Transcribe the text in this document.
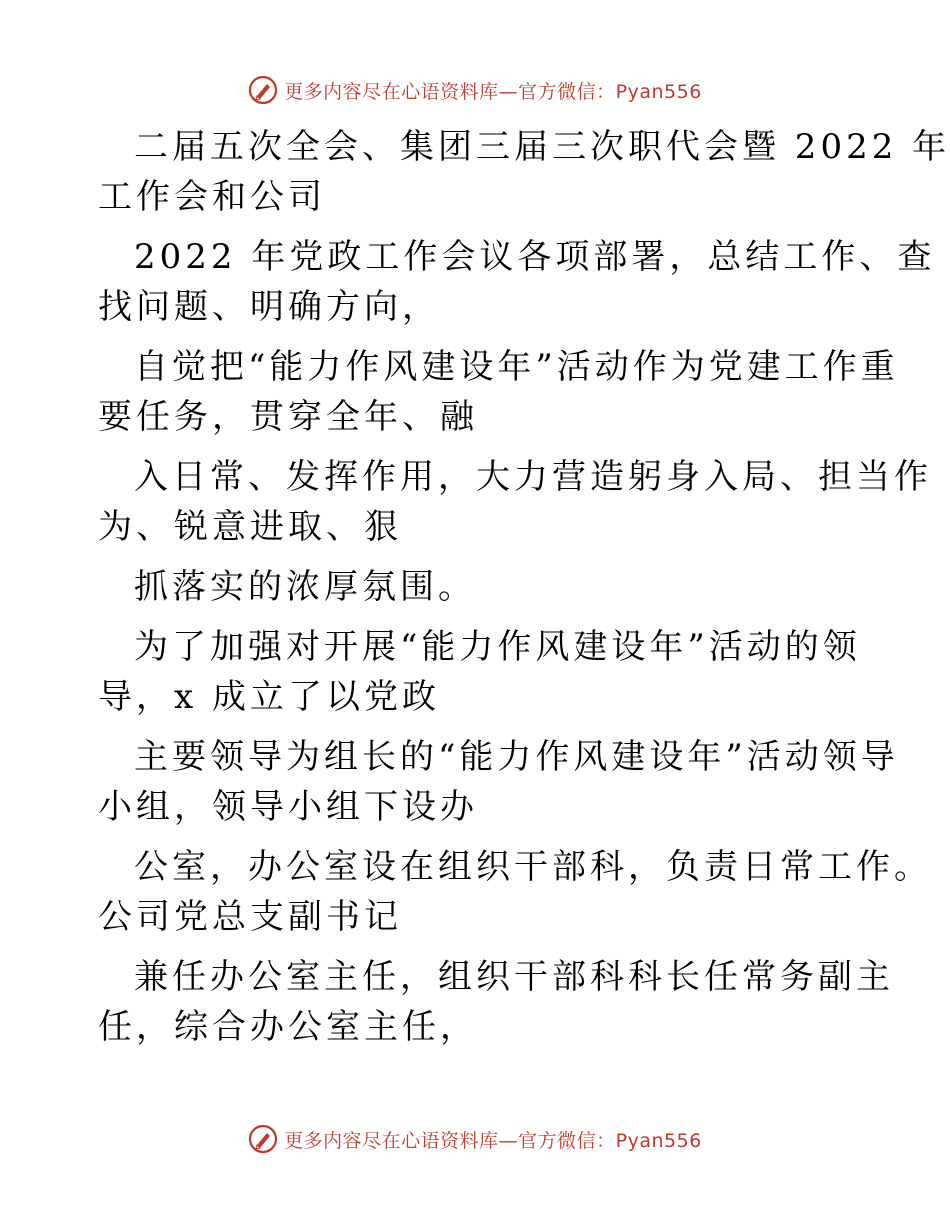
更多内容尽在心语资料库—官方微信：Pyan556

二届五次全会、集团三届三次职代会暨 2022 年
工作会和公司

2022 年党政工作会议各项部署，总结工作、查
找问题、明确方向，

自觉把“能力作风建设年”活动作为党建工作重
要任务，贯穿全年、融

入日常、发挥作用，大力营造躬身入局、担当作
为、锐意进取、狠

抓落实的浓厚氛围。

为了加强对开展“能力作风建设年”活动的领
导，x 成立了以党政

主要领导为组长的“能力作风建设年”活动领导
小组，领导小组下设办

公室，办公室设在组织干部科，负责日常工作。
公司党总支副书记

兼任办公室主任，组织干部科科长任常务副主
任，综合办公室主任，

更多内容尽在心语资料库—官方微信：Pyan556
